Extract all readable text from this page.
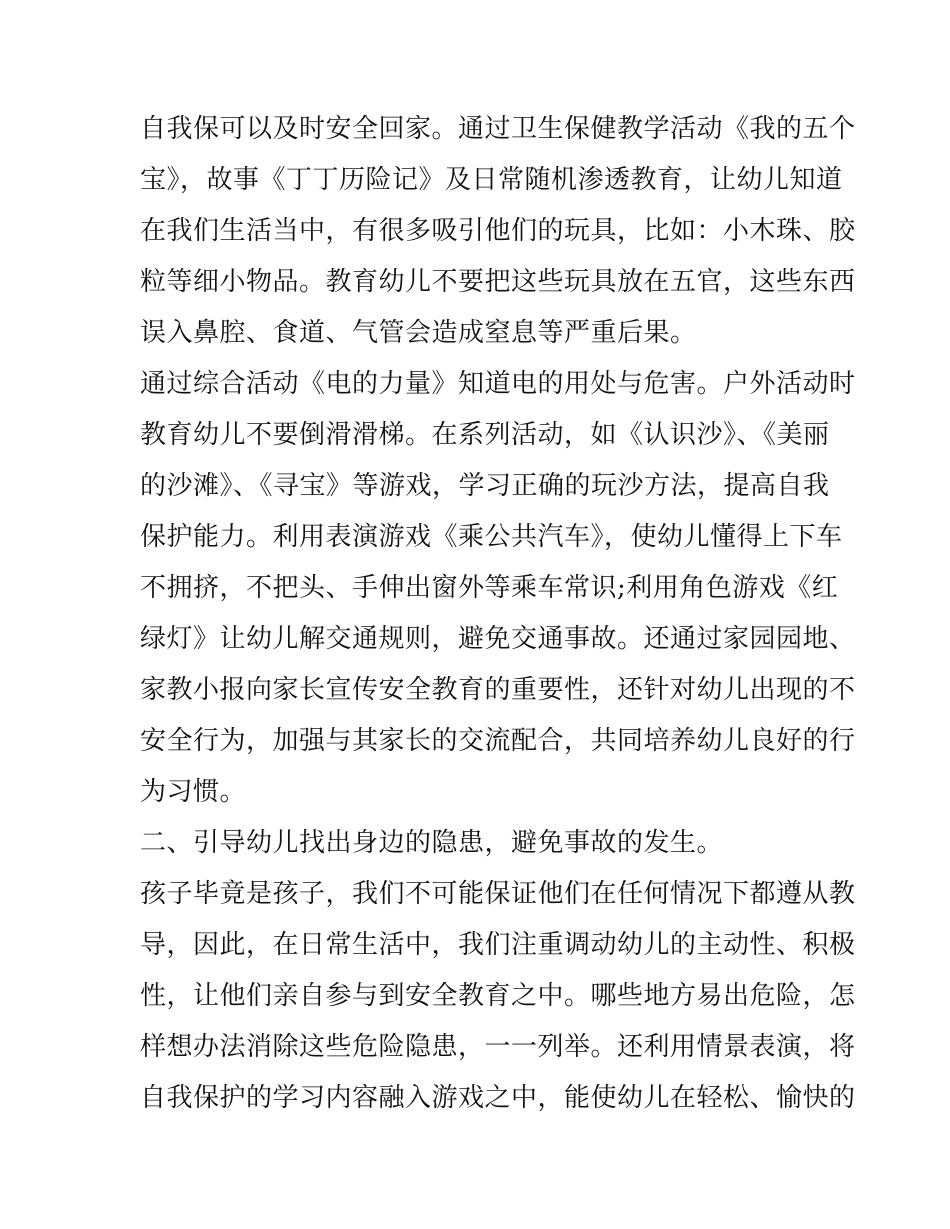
自我保可以及时安全回家。通过卫生保健教学活动《我的五个
宝》，故事《丁丁历险记》及日常随机渗透教育，让幼儿知道
在我们生活当中，有很多吸引他们的玩具，比如：小木珠、胶
粒等细小物品。教育幼儿不要把这些玩具放在五官，这些东西
误入鼻腔、食道、气管会造成窒息等严重后果。
通过综合活动《电的力量》知道电的用处与危害。户外活动时
教育幼儿不要倒滑滑梯。在系列活动，如《认识沙》、《美丽
的沙滩》、《寻宝》等游戏，学习正确的玩沙方法，提高自我
保护能力。利用表演游戏《乘公共汽车》，使幼儿懂得上下车
不拥挤，不把头、手伸出窗外等乘车常识;利用角色游戏《红
绿灯》让幼儿解交通规则，避免交通事故。还通过家园园地、
家教小报向家长宣传安全教育的重要性，还针对幼儿出现的不
安全行为，加强与其家长的交流配合，共同培养幼儿良好的行
为习惯。
二、引导幼儿找出身边的隐患，避免事故的发生。
孩子毕竟是孩子，我们不可能保证他们在任何情况下都遵从教
导，因此，在日常生活中，我们注重调动幼儿的主动性、积极
性，让他们亲自参与到安全教育之中。哪些地方易出危险，怎
样想办法消除这些危险隐患，一一列举。还利用情景表演，将
自我保护的学习内容融入游戏之中，能使幼儿在轻松、愉快的
